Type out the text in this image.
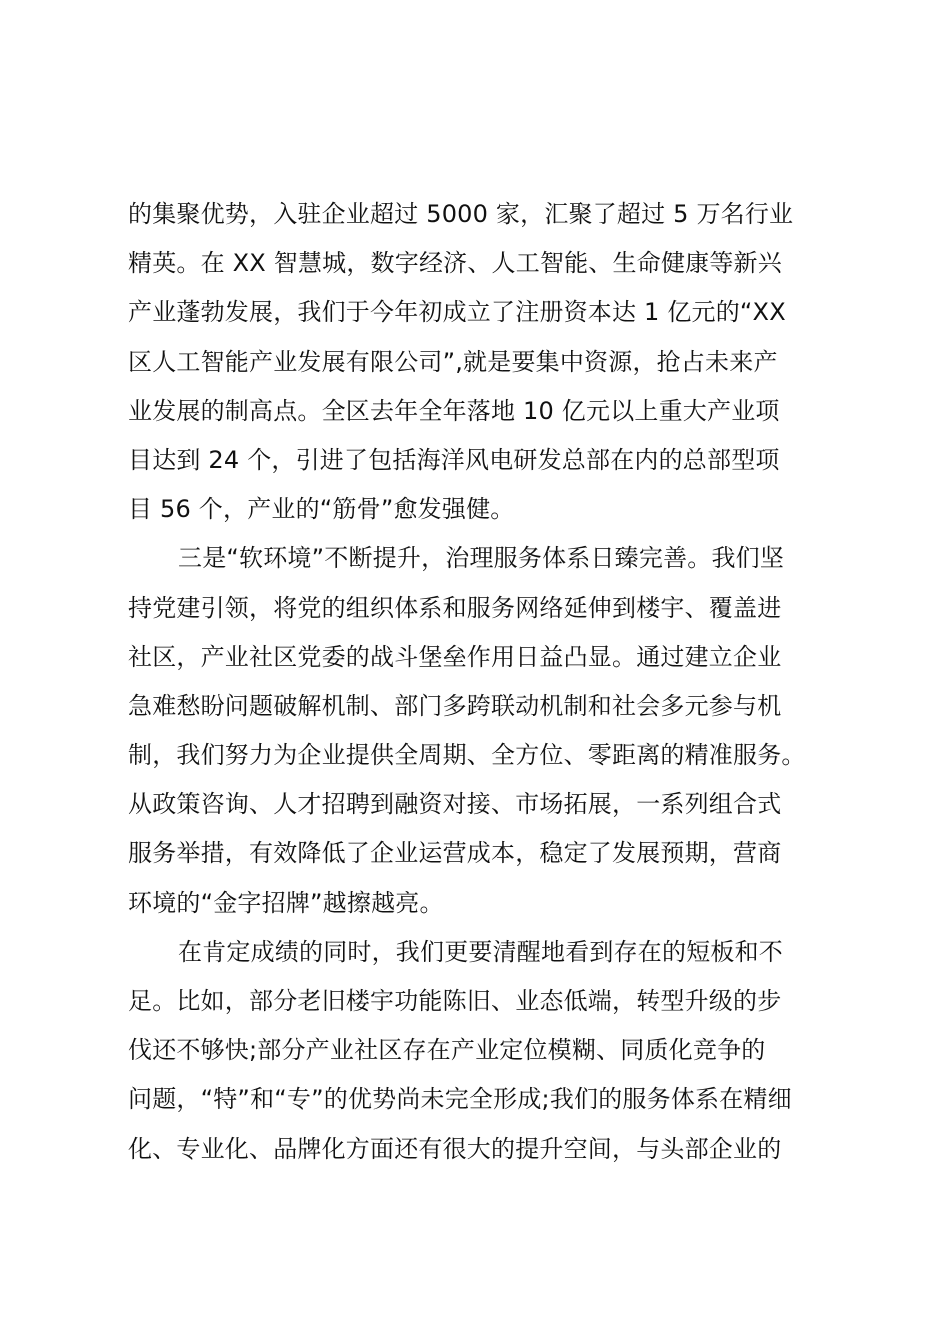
的集聚优势，入驻企业超过 5000 家，汇聚了超过 5 万名行业
精英。在 XX 智慧城，数字经济、人工智能、生命健康等新兴
产业蓬勃发展，我们于今年初成立了注册资本达 1 亿元的“XX
区人工智能产业发展有限公司”,就是要集中资源，抢占未来产
业发展的制高点。全区去年全年落地 10 亿元以上重大产业项
目达到 24 个，引进了包括海洋风电研发总部在内的总部型项
目 56 个，产业的“筋骨”愈发强健。
三是“软环境”不断提升，治理服务体系日臻完善。我们坚
持党建引领，将党的组织体系和服务网络延伸到楼宇、覆盖进
社区，产业社区党委的战斗堡垒作用日益凸显。通过建立企业
急难愁盼问题破解机制、部门多跨联动机制和社会多元参与机
制，我们努力为企业提供全周期、全方位、零距离的精准服务。
从政策咨询、人才招聘到融资对接、市场拓展，一系列组合式
服务举措，有效降低了企业运营成本，稳定了发展预期，营商
环境的“金字招牌”越擦越亮。
在肯定成绩的同时，我们更要清醒地看到存在的短板和不
足。比如，部分老旧楼宇功能陈旧、业态低端，转型升级的步
伐还不够快;部分产业社区存在产业定位模糊、同质化竞争的
问题，“特”和“专”的优势尚未完全形成;我们的服务体系在精细
化、专业化、品牌化方面还有很大的提升空间，与头部企业的
